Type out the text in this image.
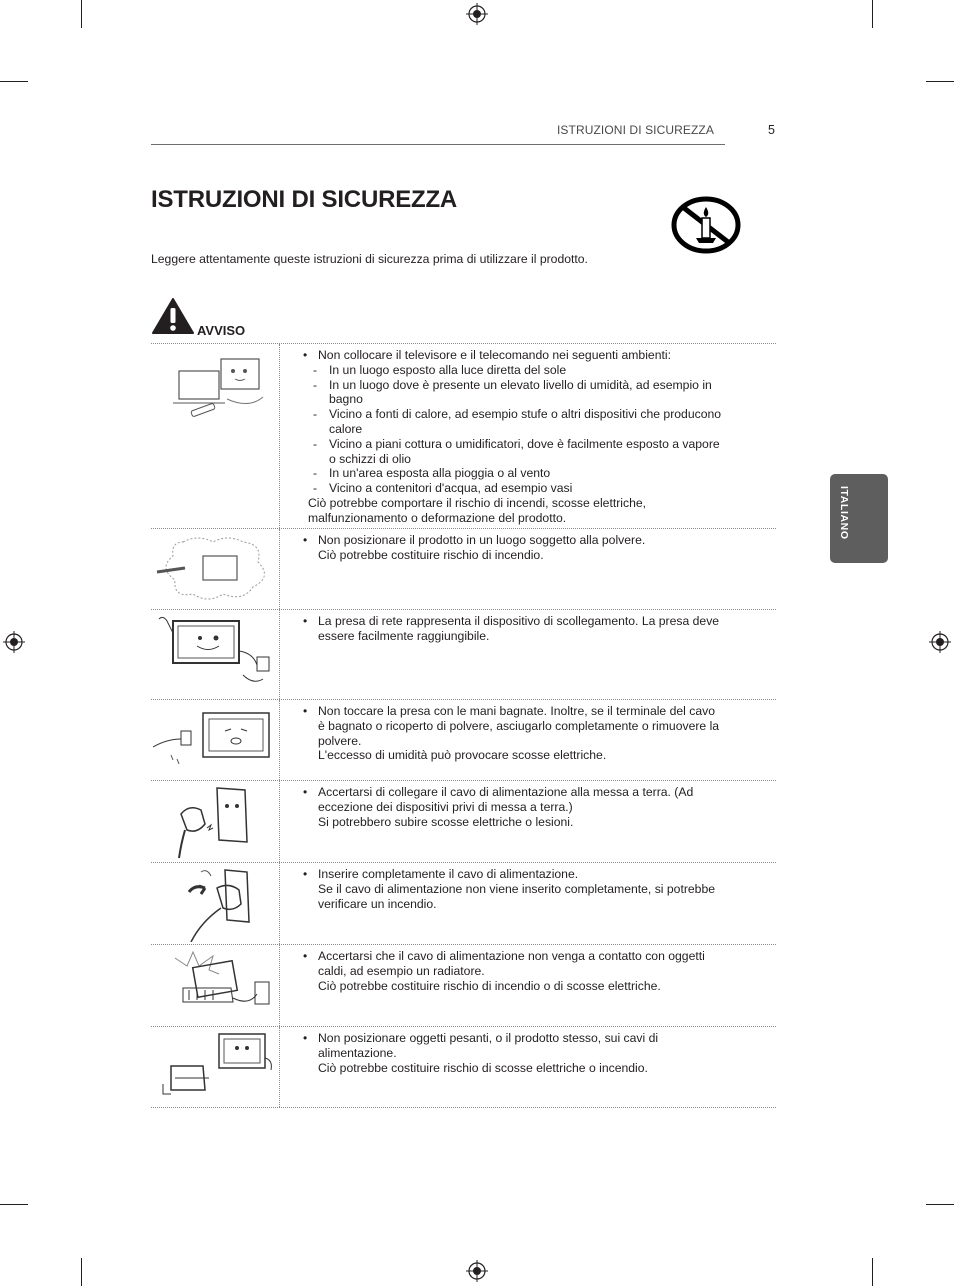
ISTRUZIONI DI SICUREZZA	5
ISTRUZIONI DI SICUREZZA

Leggere attentamente queste istruzioni di sicurezza prima di utilizzare il prodotto.

AVVISO
ITALIANO
• Non collocare il televisore e il telecomando nei seguenti ambienti:
- In un luogo esposto alla luce diretta del sole
- In un luogo dove è presente un elevato livello di umidità, ad esempio in
bagno
- Vicino a fonti di calore, ad esempio stufe o altri dispositivi che producono
calore
- Vicino a piani cottura o umidificatori, dove è facilmente esposto a vapore
o schizzi di olio
- In un'area esposta alla pioggia o al vento
- Vicino a contenitori d'acqua, ad esempio vasi
Ciò potrebbe comportare il rischio di incendi, scosse elettriche,
malfunzionamento o deformazione del prodotto.
• Non posizionare il prodotto in un luogo soggetto alla polvere.
Ciò potrebbe costituire rischio di incendio.
• La presa di rete rappresenta il dispositivo di scollegamento. La presa deve
essere facilmente raggiungibile.
• Non toccare la presa con le mani bagnate. Inoltre, se il terminale del cavo
è bagnato o ricoperto di polvere, asciugarlo completamente o rimuovere la
polvere.
L'eccesso di umidità può provocare scosse elettriche.
• Accertarsi di collegare il cavo di alimentazione alla messa a terra. (Ad
eccezione dei dispositivi privi di messa a terra.)
Si potrebbero subire scosse elettriche o lesioni.
• Inserire completamente il cavo di alimentazione.
Se il cavo di alimentazione non viene inserito completamente, si potrebbe
verificare un incendio.
• Accertarsi che il cavo di alimentazione non venga a contatto con oggetti
caldi, ad esempio un radiatore.
Ciò potrebbe costituire rischio di incendio o di scosse elettriche.
• Non posizionare oggetti pesanti, o il prodotto stesso, sui cavi di
alimentazione.
Ciò potrebbe costituire rischio di scosse elettriche o incendio.
